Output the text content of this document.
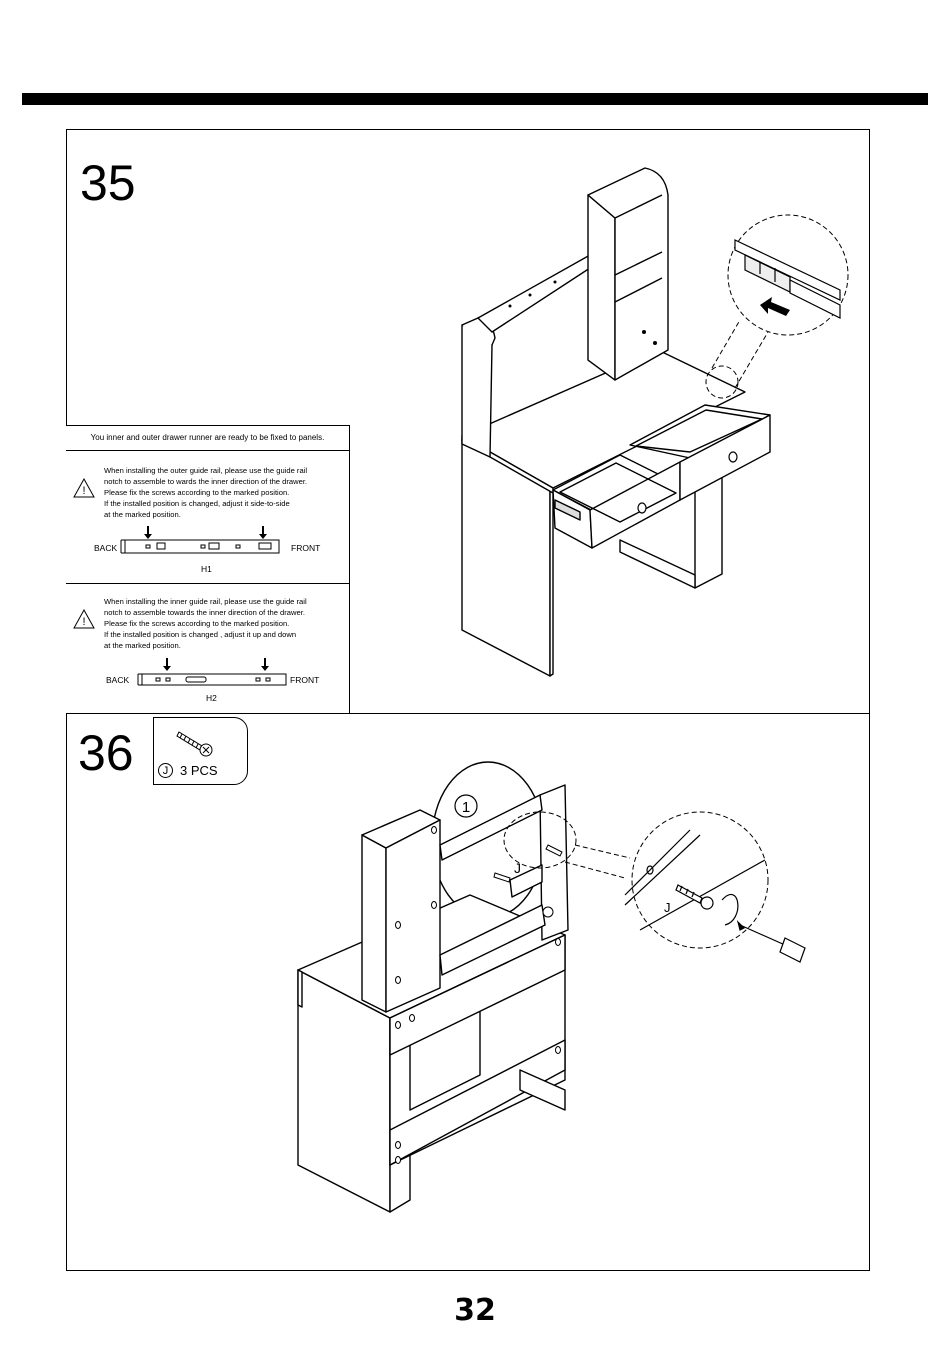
35
You inner and outer drawer runner are ready to be fixed to panels.
!
When installing the outer guide rail, please use the guide rail
notch to assemble to wards the inner direction of the drawer.
Please fix the screws according to the marked position.
If the installed position is changed, adjust it side-to-side
at the marked position.
BACK	FRONT
H1
!
When installing the inner guide rail, please use the guide rail
notch to assemble towards the inner direction of the drawer.
Please fix the screws according to the marked position.
If the installed position is changed , adjust it up and down
at the marked position.
BACK	FRONT
H2
36	J 3 PCS
1
J
J
32
